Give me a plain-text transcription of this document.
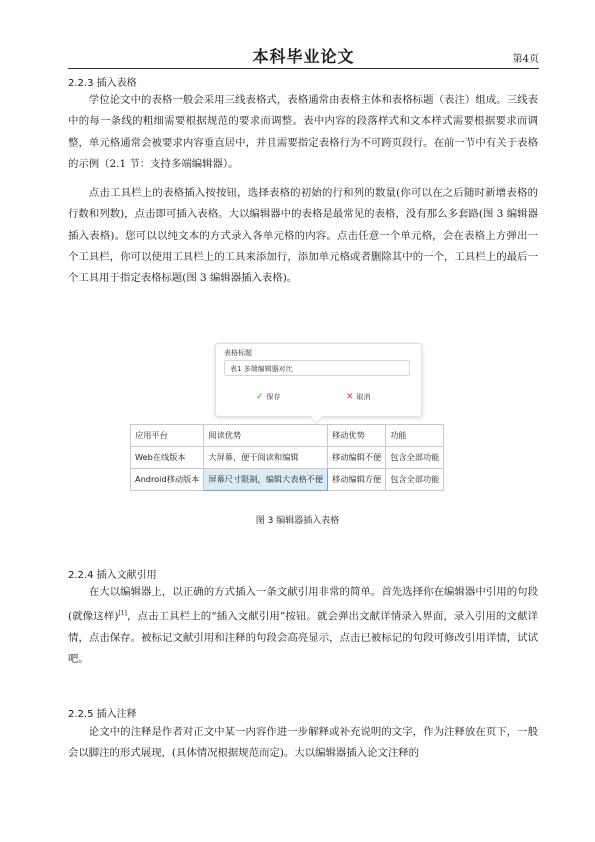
本科毕业论文	第4页
2.2.3 插入表格

学位论文中的表格一般会采用三线表格式，表格通常由表格主体和表格标题（表注）组成。三线表中的每一条线的粗细需要根据规范的要求而调整。表中内容的段落样式和文本样式需要根据要求而调整，单元格通常会被要求内容垂直居中，并且需要指定表格行为不可跨页段行。在前一节中有关于表格的示例（2.1 节：支持多端编辑器）。

点击工具栏上的表格插入按按钮，选择表格的初始的行和列的数量(你可以在之后随时新增表格的行数和列数)，点击即可插入表格。大以编辑器中的表格是最常见的表格，没有那么多套路(图 3 编辑器插入表格)。您可以以纯文本的方式录入各单元格的内容。点击任意一个单元格，会在表格上方弹出一个工具栏，你可以使用工具栏上的工具来添加行，添加单元格或者删除其中的一个，工具栏上的最后一个工具用于指定表格标题(图 3 编辑器插入表格)。

表格标题
表1 多端编辑器对比
✓ 保存	✕ 取消
应用平台	阅读优势	移动优势	功能
Web在线版本	大屏幕，便于阅读和编辑	移动编辑不便	包含全部功能
Android移动版本	屏幕尺寸限制，编辑大表格不便	移动编辑方便	包含全部功能
图 3 编辑器插入表格
2.2.4 插入文献引用

在大以编辑器上，以正确的方式插入一条文献引用非常的简单。首先选择你在编辑器中引用的句段(就像这样)[1]，点击工具栏上的“插入文献引用”按钮。就会弹出文献详情录入界面，录入引用的文献详情，点击保存。被标记文献引用和注释的句段会高亮显示，点击已被标记的句段可修改引用详情，试试吧。

2.2.5 插入注释

论文中的注释是作者对正文中某一内容作进一步解释或补充说明的文字，作为注释放在页下，一般会以脚注的形式展现，(具体情况根据规范而定)。大以编辑器插入论文注释的
